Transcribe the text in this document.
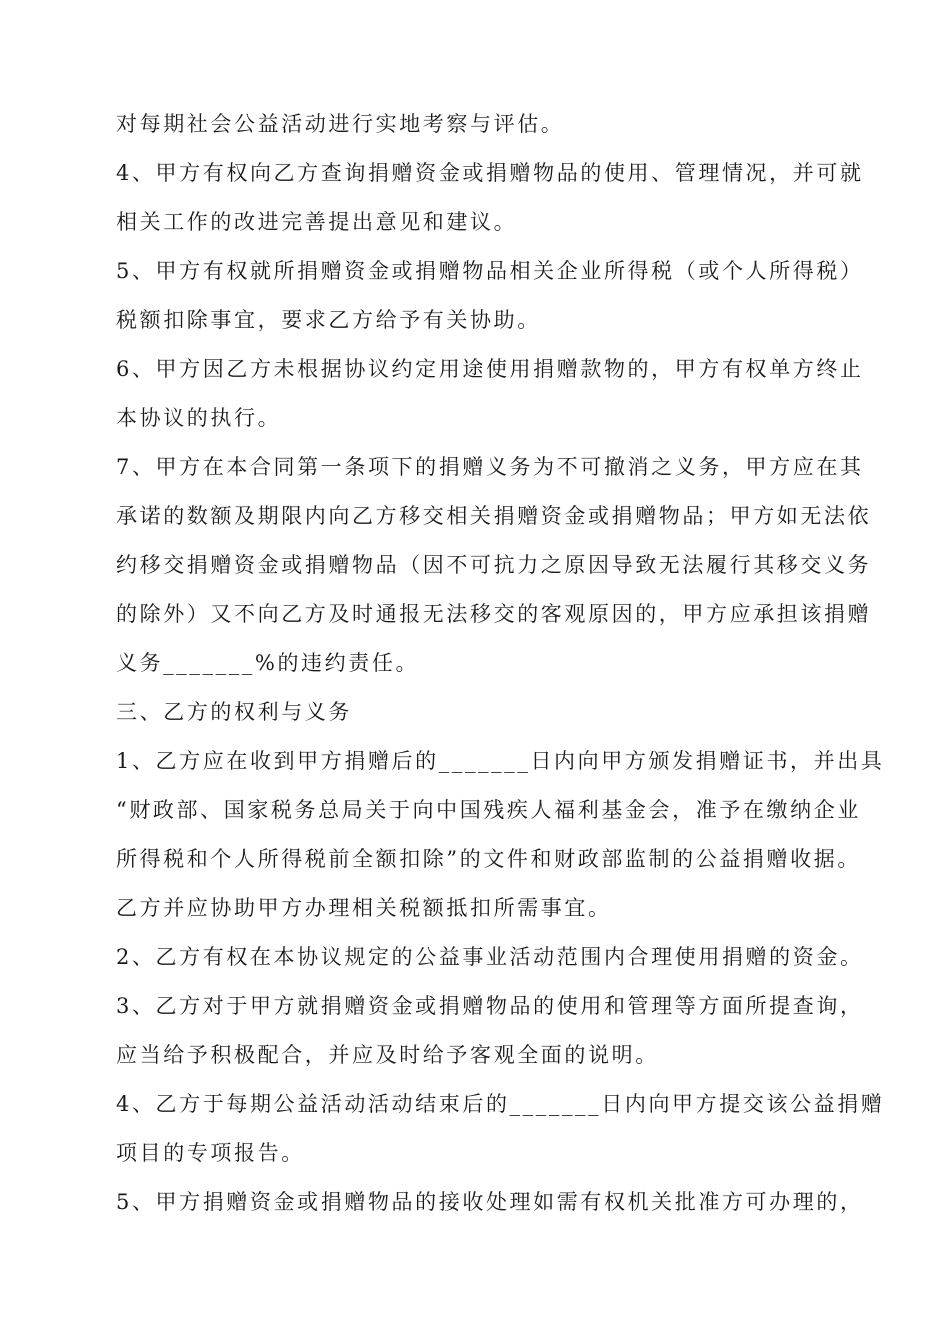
对每期社会公益活动进行实地考察与评估。
4、甲方有权向乙方查询捐赠资金或捐赠物品的使用、管理情况，并可就
相关工作的改进完善提出意见和建议。
5、甲方有权就所捐赠资金或捐赠物品相关企业所得税（或个人所得税）
税额扣除事宜，要求乙方给予有关协助。
6、甲方因乙方未根据协议约定用途使用捐赠款物的，甲方有权单方终止
本协议的执行。
7、甲方在本合同第一条项下的捐赠义务为不可撤消之义务，甲方应在其
承诺的数额及期限内向乙方移交相关捐赠资金或捐赠物品；甲方如无法依
约移交捐赠资金或捐赠物品（因不可抗力之原因导致无法履行其移交义务
的除外）又不向乙方及时通报无法移交的客观原因的，甲方应承担该捐赠
义务_______%的违约责任。
三、乙方的权利与义务
1、乙方应在收到甲方捐赠后的_______日内向甲方颁发捐赠证书，并出具
“财政部、国家税务总局关于向中国残疾人福利基金会，准予在缴纳企业
所得税和个人所得税前全额扣除”的文件和财政部监制的公益捐赠收据。
乙方并应协助甲方办理相关税额抵扣所需事宜。
2、乙方有权在本协议规定的公益事业活动范围内合理使用捐赠的资金。
3、乙方对于甲方就捐赠资金或捐赠物品的使用和管理等方面所提查询，
应当给予积极配合，并应及时给予客观全面的说明。
4、乙方于每期公益活动活动结束后的_______日内向甲方提交该公益捐赠
项目的专项报告。
5、甲方捐赠资金或捐赠物品的接收处理如需有权机关批准方可办理的，
